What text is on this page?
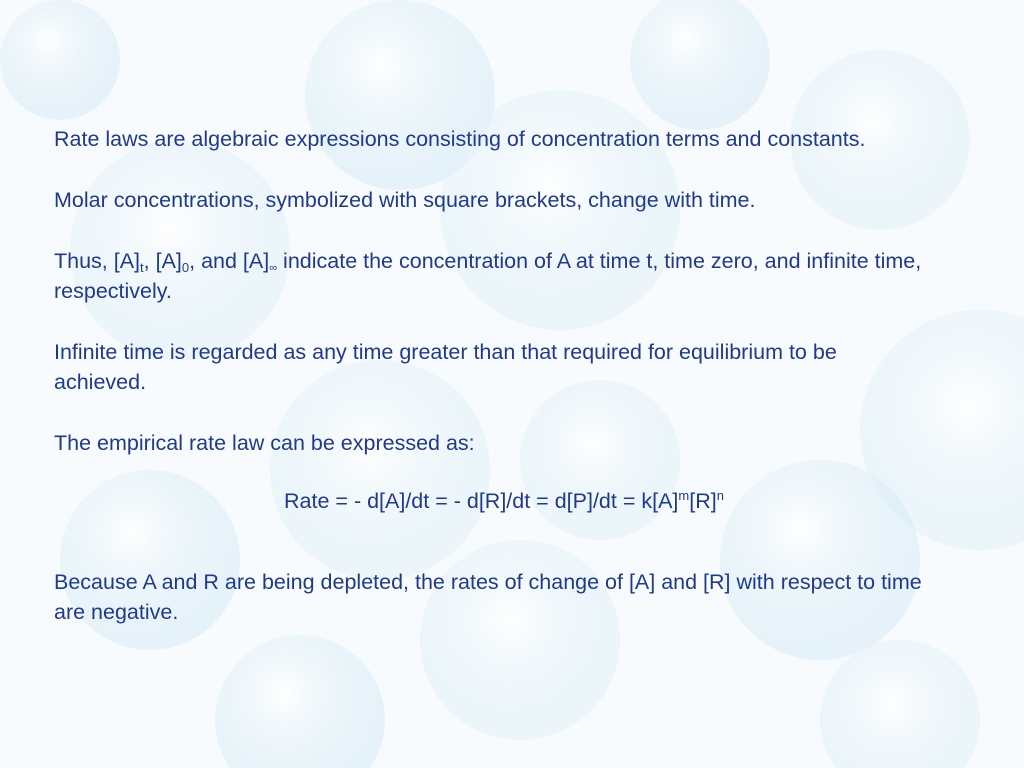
Rate laws are algebraic expressions consisting of concentration terms and constants.

Molar concentrations, symbolized with square brackets, change with time.

Thus, $[A]_t$, $[A]_0$, and [A]∞ indicate the concentration of A at time t, time zero, and infinite time, respectively.

Infinite time is regarded as any time greater than that required for equilibrium to be achieved.

The empirical rate law can be expressed as:

Rate = - d[A]/dt = - $d[R]/dt = d[P]/dt = k[A]^m[R]^n$

Because A and R are being depleted, the rates of change of [A] and [R] with respect to time are negative.
